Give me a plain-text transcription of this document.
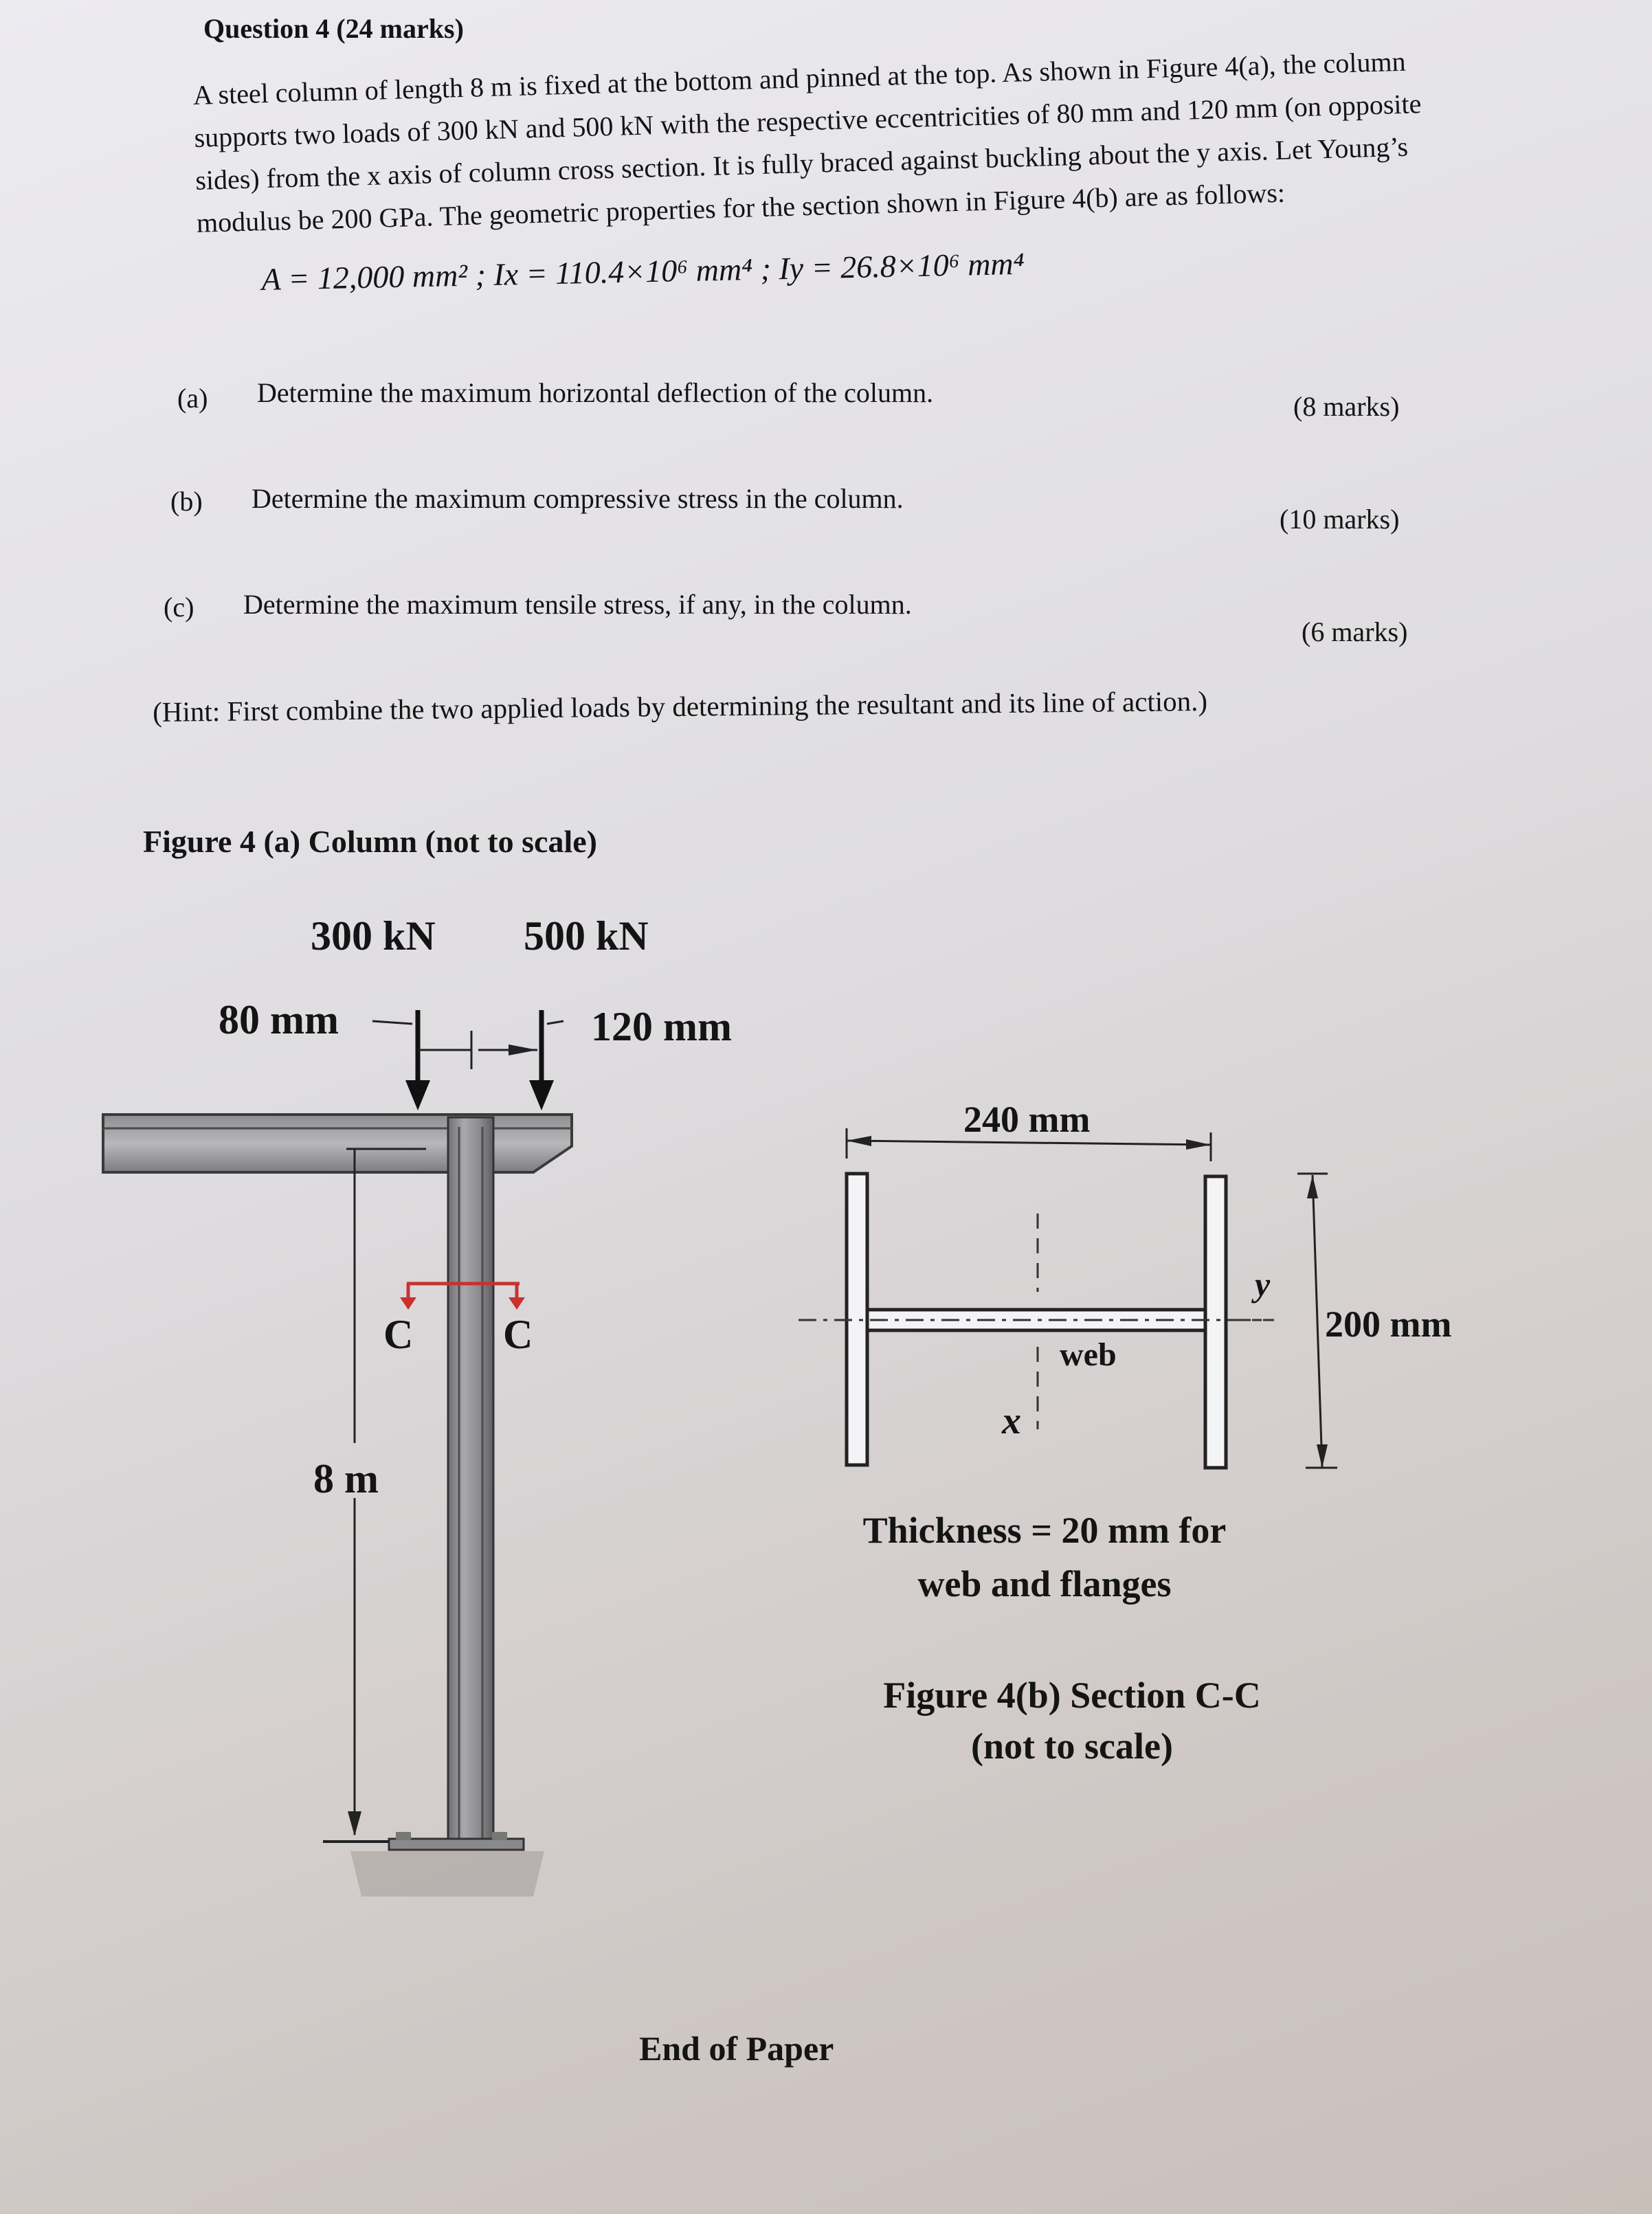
Question 4 (24 marks)
A steel column of length 8 m is fixed at the bottom and pinned at the top. As shown in Figure 4(a), the column supports two loads of 300 kN and 500 kN with the respective eccentricities of 80 mm and 120 mm (on opposite sides) from the x axis of column cross section. It is fully braced against buckling about the y axis. Let Young’s modulus be 200 GPa. The geometric properties for the section shown in Figure 4(b) are as follows:
A = 12,000 mm² ; Ix = 110.4×10⁶ mm⁴ ; Iy = 26.8×10⁶ mm⁴
(a) Determine the maximum horizontal deflection of the column.	(8 marks)
(b) Determine the maximum compressive stress in the column.
(10 marks)
(c) Determine the maximum tensile stress, if any, in the column.
(6 marks)
(Hint: First combine the two applied loads by determining the resultant and its line of action.)
Figure 4 (a) Column (not to scale)
300 kN 500 kN
80 mm	120 mm
C C
8 m
240 mm
200 mm
y
x
web
Thickness = 20 mm for
web and flanges
Figure 4(b) Section C-C
(not to scale)
End of Paper
